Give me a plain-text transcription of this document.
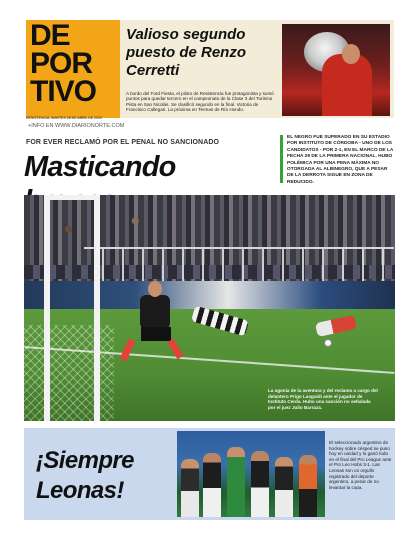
DE
POR
TIVO
RESISTENCIA, MARTES 28 DE ABRIL DE 2020
Valioso segundo puesto de Renzo Cerretti
A bordo del Ford Fiesta, el piloto de Resistencia fue protagonista y sumó puntos para quedar tercero en el campeonato de la Clase 3 del Turismo Pista en San Nicolás. Se clasificó segundo en la final. Victoria de Francisco Callegari. La próxima en Termas de Río Hondo.
+INFO EN WWW.DIARIONORTE.COM
FOR EVER RECLAMÓ POR EL PENAL NO SANCIONADO
Masticando
EL NEGRO FUE SUPERADO EN SU ESTADIO POR INSTITUTO DE CÓRDOBA - UNO DE LOS CANDIDATOS - POR 2-1, EN EL MARCO DE LA FECHA 29 DE LA PRIMERA NACIONAL. HUBO POLÉMICA POR UNA PENA MÁXIMA NO OTORGADA AL ALBINEGRO, QUE A PESAR DE LA DERROTA SIGUE EN ZONA DE REDUCIDO.
La agonía de la aventura y del reclamo a cargo del delantero Prigo Lasguidi ante el jugador de Instituto Cerda. Hubo una sanción no señalada por el juez Julio Barraza.
¡Siempre
Leonas!
El seleccionado argentino de hockey sobre césped se puso hoy en unidad y lo ganó todo en el final del Pro League ante el Pro Leo Hobs 3-1. Las Leonas son un orgullo registrado del deporte argentino, a pesar de no levantar la copa.
